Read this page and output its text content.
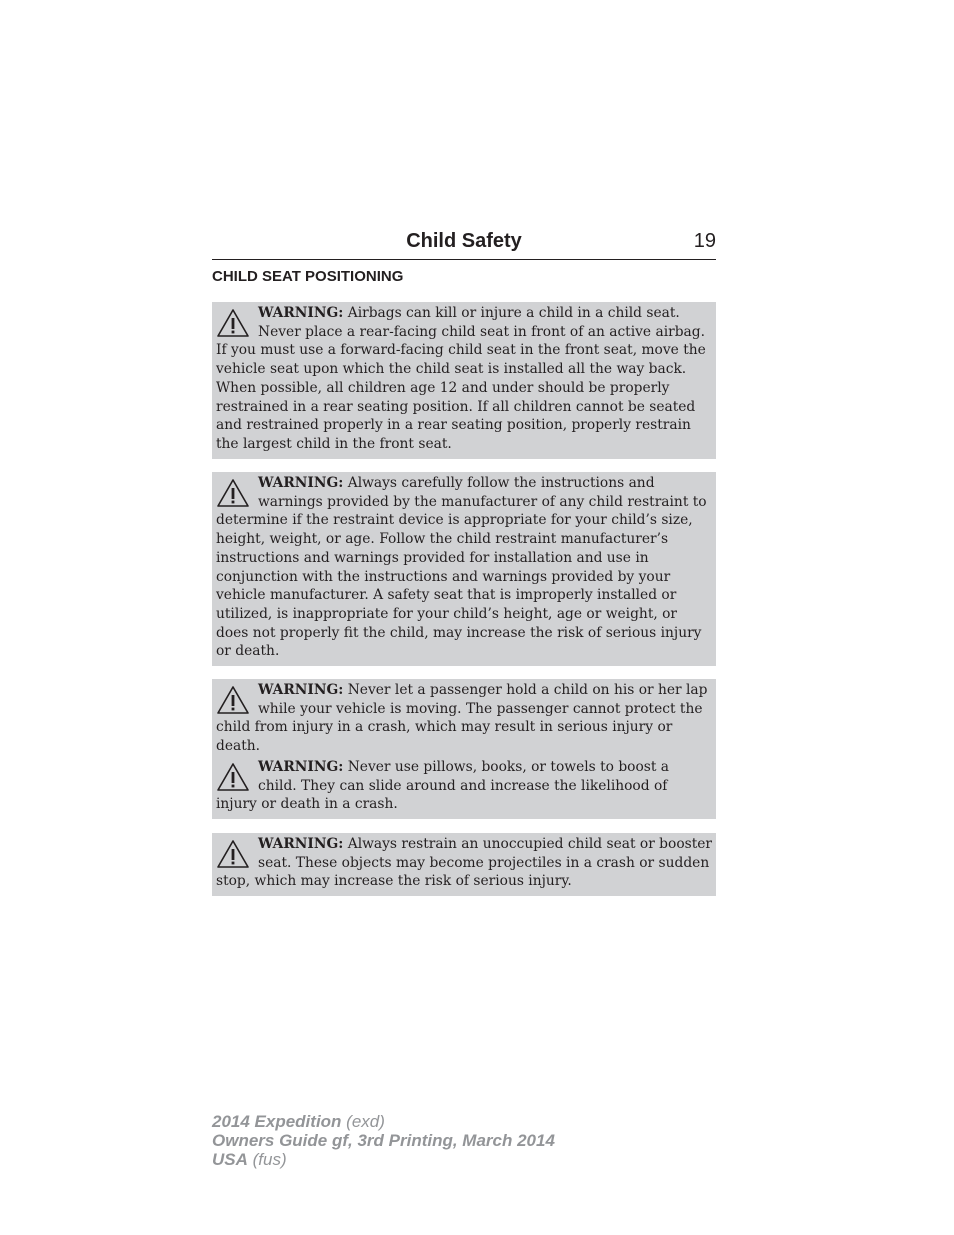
Child Safety	19
CHILD SEAT POSITIONING
WARNING: Airbags can kill or injure a child in a child seat. Never place a rear-facing child seat in front of an active airbag. If you must use a forward-facing child seat in the front seat, move the vehicle seat upon which the child seat is installed all the way back. When possible, all children age 12 and under should be properly restrained in a rear seating position. If all children cannot be seated and restrained properly in a rear seating position, properly restrain the largest child in the front seat.
WARNING: Always carefully follow the instructions and warnings provided by the manufacturer of any child restraint to determine if the restraint device is appropriate for your child’s size, height, weight, or age. Follow the child restraint manufacturer’s instructions and warnings provided for installation and use in conjunction with the instructions and warnings provided by your vehicle manufacturer. A safety seat that is improperly installed or utilized, is inappropriate for your child’s height, age or weight, or does not properly fit the child, may increase the risk of serious injury or death.
WARNING: Never let a passenger hold a child on his or her lap while your vehicle is moving. The passenger cannot protect the child from injury in a crash, which may result in serious injury or death.
WARNING: Never use pillows, books, or towels to boost a child. They can slide around and increase the likelihood of injury or death in a crash.
WARNING: Always restrain an unoccupied child seat or booster seat. These objects may become projectiles in a crash or sudden stop, which may increase the risk of serious injury.
2014 Expedition (exd)
Owners Guide gf, 3rd Printing, March 2014
USA (fus)
